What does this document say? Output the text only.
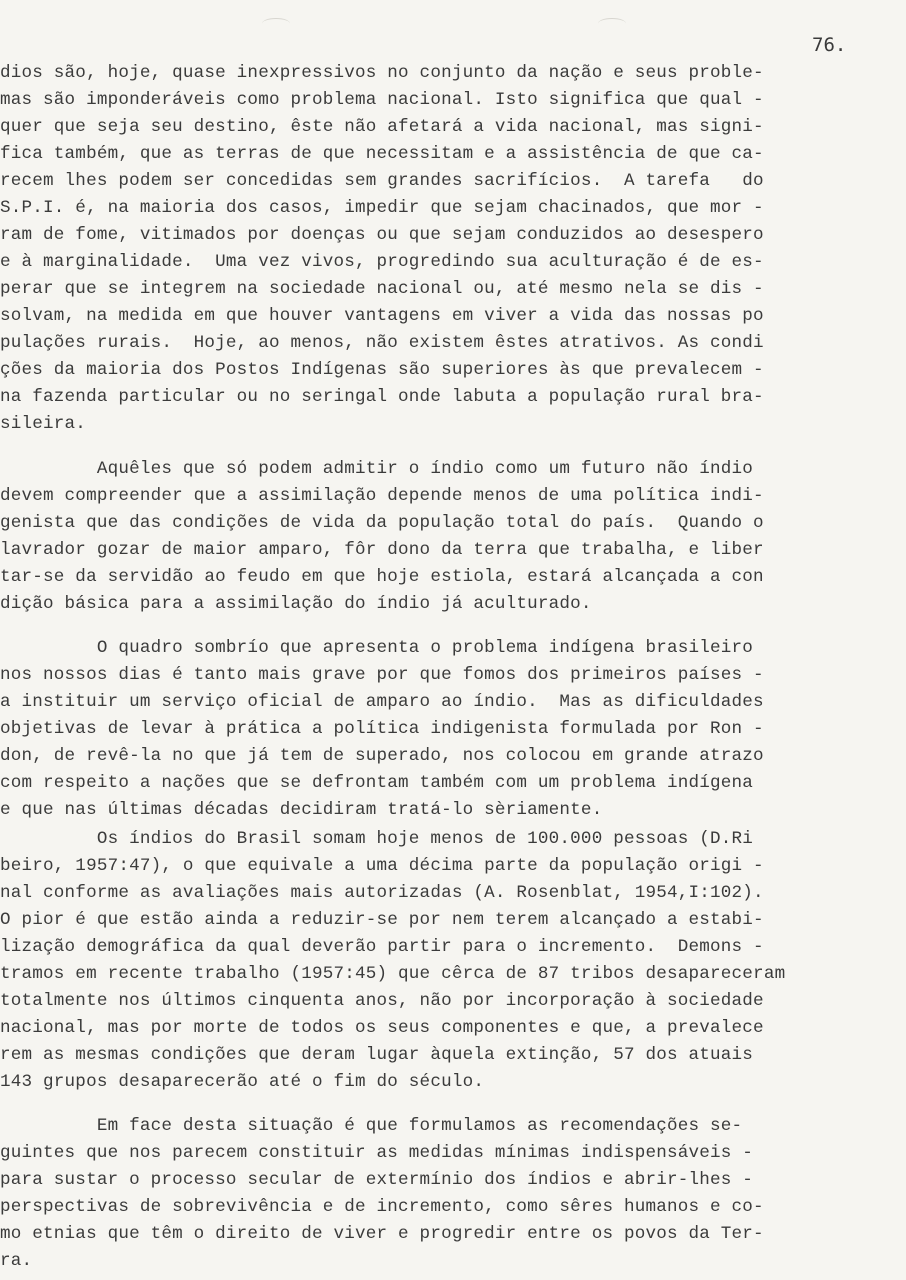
76.
dios são, hoje, quase inexpressivos no conjunto da nação e seus proble-
mas são imponderáveis como problema nacional. Isto significa que qual -
quer que seja seu destino, êste não afetará a vida nacional, mas signi-
fica também, que as terras de que necessitam e a assistência de que ca-
recem lhes podem ser concedidas sem grandes sacrifícios.  A tarefa   do
S.P.I. é, na maioria dos casos, impedir que sejam chacinados, que mor -
ram de fome, vitimados por doenças ou que sejam conduzidos ao desespero
e à marginalidade.  Uma vez vivos, progredindo sua aculturação é de es-
perar que se integrem na sociedade nacional ou, até mesmo nela se dis -
solvam, na medida em que houver vantagens em viver a vida das nossas po
pulações rurais.  Hoje, ao menos, não existem êstes atrativos. As condi
ções da maioria dos Postos Indígenas são superiores às que prevalecem -
na fazenda particular ou no seringal onde labuta a população rural bra-
sileira.
Aquêles que só podem admitir o índio como um futuro não índio
devem compreender que a assimilação depende menos de uma política indi-
genista que das condições de vida da população total do país.  Quando o
lavrador gozar de maior amparo, fôr dono da terra que trabalha, e liber
tar-se da servidão ao feudo em que hoje estiola, estará alcançada a con
dição básica para a assimilação do índio já aculturado.
O quadro sombrío que apresenta o problema indígena brasileiro
nos nossos dias é tanto mais grave por que fomos dos primeiros países -
a instituir um serviço oficial de amparo ao índio.  Mas as dificuldades
objetivas de levar à prática a política indigenista formulada por Ron -
don, de revê-la no que já tem de superado, nos colocou em grande atrazo
com respeito a nações que se defrontam também com um problema indígena
e que nas últimas décadas decidiram tratá-lo sèriamente.
Os índios do Brasil somam hoje menos de 100.000 pessoas (D.Ri
beiro, 1957:47), o que equivale a uma décima parte da população origi -
nal conforme as avaliações mais autorizadas (A. Rosenblat, 1954,I:102).
O pior é que estão ainda a reduzir-se por nem terem alcançado a estabi-
lização demográfica da qual deverão partir para o incremento.  Demons -
tramos em recente trabalho (1957:45) que cêrca de 87 tribos desapareceram
totalmente nos últimos cinquenta anos, não por incorporação à sociedade
nacional, mas por morte de todos os seus componentes e que, a prevalece
rem as mesmas condições que deram lugar àquela extinção, 57 dos atuais
143 grupos desaparecerão até o fim do século.
Em face desta situação é que formulamos as recomendações se-
guintes que nos parecem constituir as medidas mínimas indispensáveis -
para sustar o processo secular de extermínio dos índios e abrir-lhes -
perspectivas de sobrevivência e de incremento, como sêres humanos e co-
mo etnias que têm o direito de viver e progredir entre os povos da Ter-
ra.
